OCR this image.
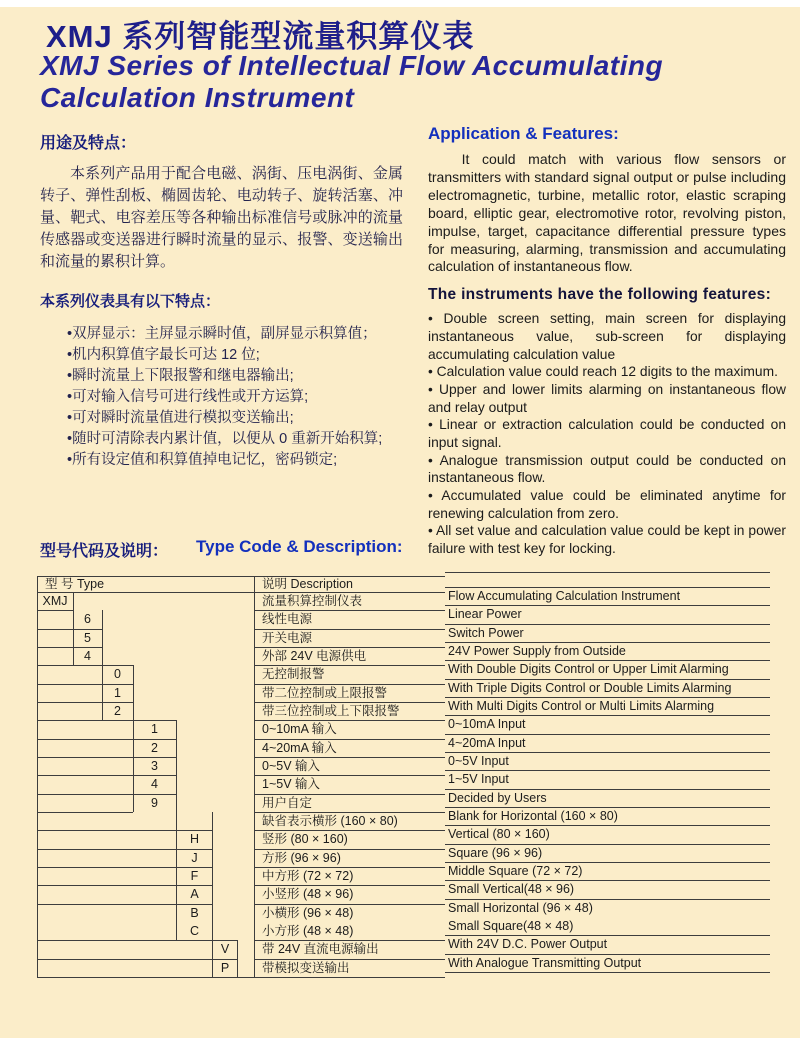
XMJ 系列智能型流量积算仪表
XMJ Series of Intellectual Flow Accumulating
Calculation Instrument
用途及特点：

本系列产品用于配合电磁、涡街、压电涡街、金属转子、弹性刮板、椭圆齿轮、电动转子、旋转活塞、冲量、靶式、电容差压等各种输出标准信号或脉冲的流量传感器或变送器进行瞬时流量的显示、报警、变送输出和流量的累积计算。

本系列仪表具有以下特点：
•双屏显示：主屏显示瞬时值，副屏显示积算值；
•机内积算值字最长可达 12 位;
•瞬时流量上下限报警和继电器输出;
•可对输入信号可进行线性或开方运算;
•可对瞬时流量值进行模拟变送输出;
•随时可清除表内累计值，以便从 0 重新开始积算;
•所有设定值和积算值掉电记忆，密码锁定;
Application & Features:

It could match with various flow sensors or transmitters with standard signal output or pulse including electromagnetic, turbine, metallic rotor, elastic scraping board, elliptic gear, electromotive rotor, revolving piston, impulse, target, capacitance differential pressure types for measuring, alarming, transmission and accumulating calculation of instantaneous flow.

The instruments have the following features:
• Double screen setting, main screen for displaying instantaneous value, sub-screen for displaying accumulating calculation value
• Calculation value could reach 12 digits to the maximum.
• Upper and lower limits alarming on instantaneous flow and relay output
• Linear or extraction calculation could be conducted on input signal.
• Analogue transmission output could be conducted on instantaneous flow.
• Accumulated value could be eliminated anytime for renewing calculation from zero.
• All set value and calculation value could be kept in power failure with test key for locking.
型号代码及说明： Type Code & Description:
型 号 Type	说明 Description
XMJ	流量积算控制仪表	Flow Accumulating Calculation Instrument
6	线性电源	Linear Power
5	开关电源	Switch Power
4	外部 24V 电源供电	24V Power Supply from Outside
0	无控制报警	With Double Digits Control or Upper Limit Alarming
1	带二位控制或上限报警	With Triple Digits Control or Double Limits Alarming
2	带三位控制或上下限报警	With Multi Digits Control or Multi Limits Alarming
1	0~10mA 输入	0~10mA Input
2	4~20mA 输入	4~20mA Input
3	0~5V 输入	0~5V Input
4	1~5V 输入	1~5V Input
9	用户自定	Decided by Users
缺省表示横形 (160 × 80)	Blank for Horizontal (160 × 80)
H	竖形 (80 × 160)	Vertical (80 × 160)
J	方形 (96 × 96)	Square (96 × 96)
F	中方形 (72 × 72)	Middle Square (72 × 72)
A	小竖形 (48 × 96)	Small Vertical(48 × 96)
B	小横形 (96 × 48)	Small Horizontal (96 × 48)
C	小方形 (48 × 48)	Small Square(48 × 48)
V	带 24V 直流电源输出	With 24V D.C. Power Output
P	带模拟变送输出	With Analogue Transmitting Output
